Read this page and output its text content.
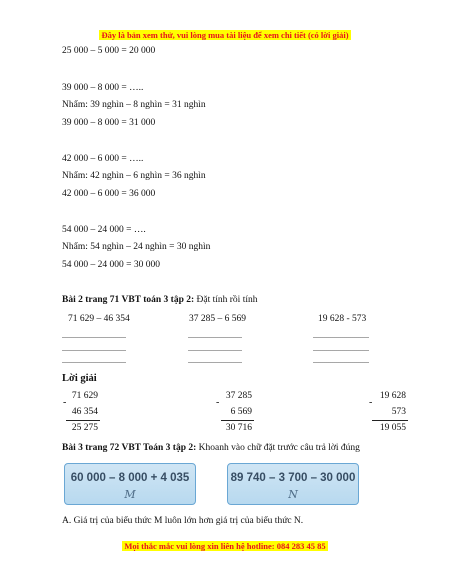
Đây là bản xem thử, vui lòng mua tài liệu để xem chi tiết (có lời giải)
25 000 – 5 000 = 20 000
39 000 – 8 000 = …..
Nhẩm: 39 nghìn – 8 nghìn = 31 nghìn
39 000 – 8 000 = 31 000
42 000 – 6 000 = …..
Nhẩm: 42 nghìn – 6 nghìn = 36 nghìn
42 000 – 6 000 = 36 000
54 000 – 24 000 = ….
Nhẩm: 54 nghìn – 24 nghìn = 30 nghìn
54 000 – 24 000 = 30 000
Bài 2 trang 71 VBT toán 3 tập 2: Đặt tính rồi tính
71 629 – 46 354	37 285 – 6 569	19 628 - 573
................................
................................
................................
...........................
...........................
...........................
............................
............................
............................
Lời giải
71 629
-
46 354
25 275
37 285
-
6 569
30 716
19 628
-
573
19 055
Bài 3 trang 72 VBT Toán 3 tập 2: Khoanh vào chữ đặt trước câu trả lời đúng
60 000 – 8 000 + 4 035
M
89 740 – 3 700 – 30 000
N
A. Giá trị của biểu thức M luôn lớn hơn giá trị của biểu thức N.
Mọi thắc mắc vui lòng xin liên hệ hotline: 084 283 45 85
